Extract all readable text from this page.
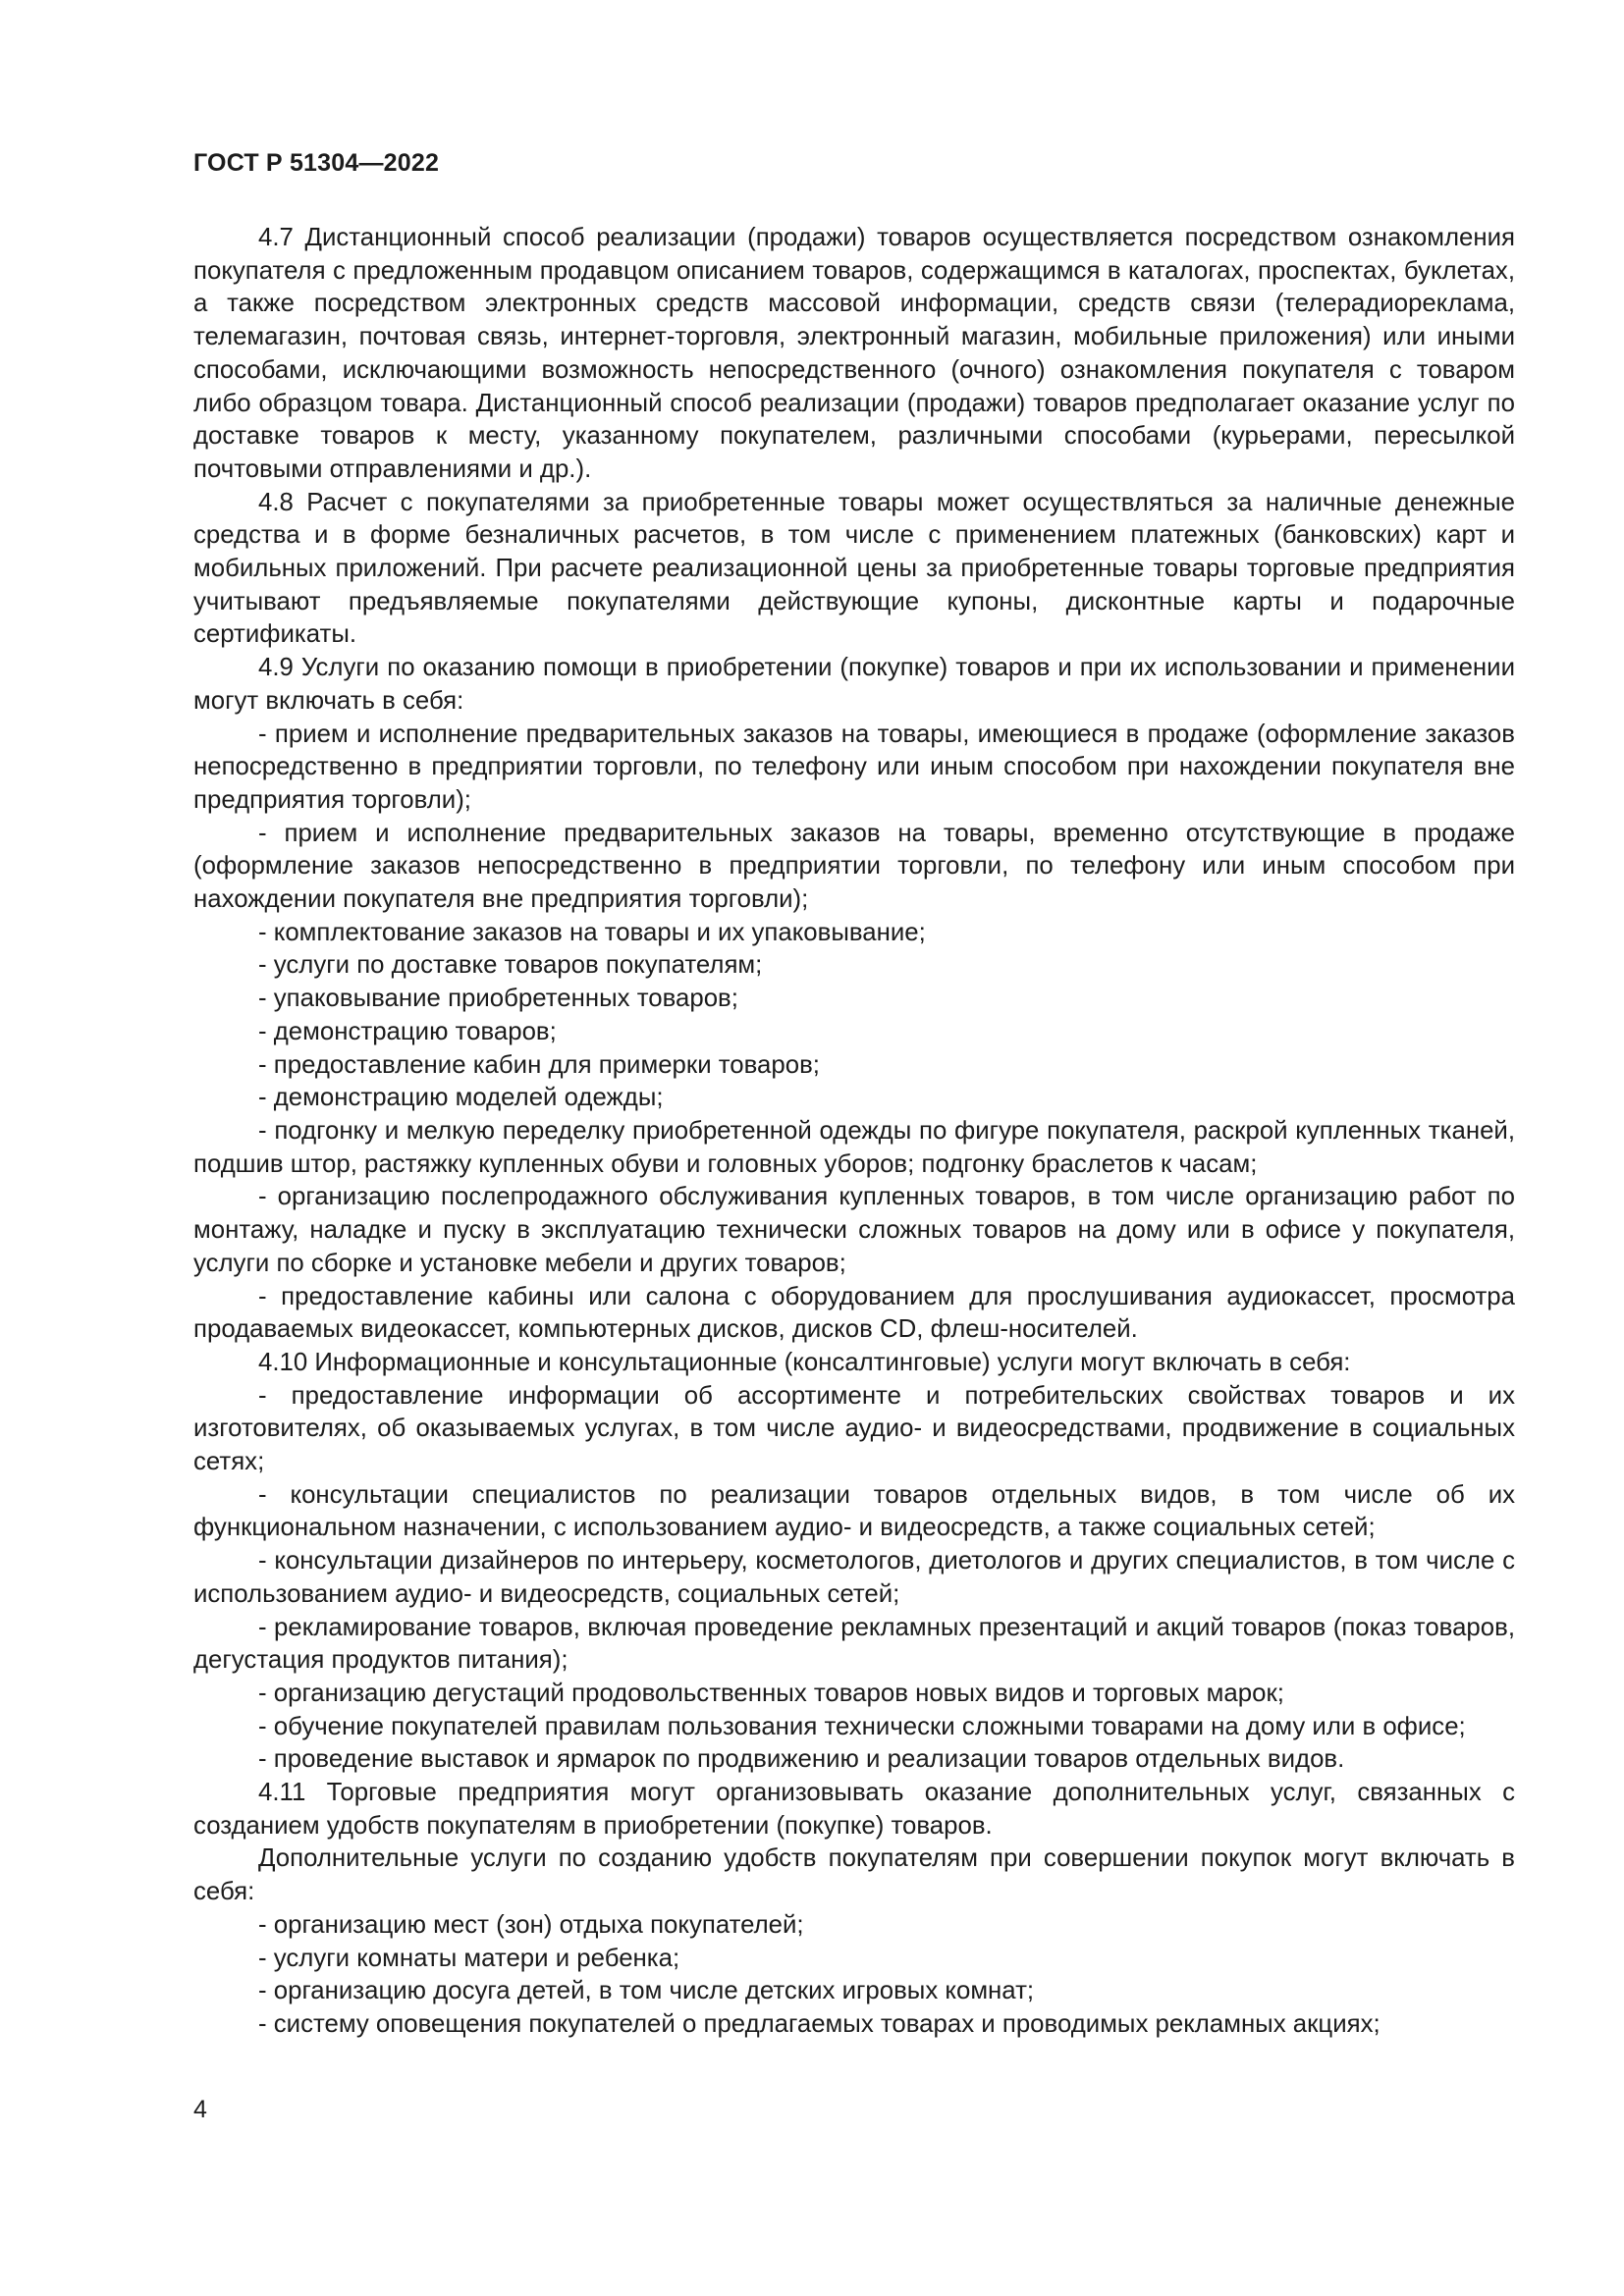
ГОСТ Р 51304—2022

4.7 Дистанционный способ реализации (продажи) товаров осуществляется посредством ознакомления покупателя с предложенным продавцом описанием товаров, содержащимся в каталогах, проспектах, буклетах, а также посредством электронных средств массовой информации, средств связи (телерадиореклама, телемагазин, почтовая связь, интернет-торговля, электронный магазин, мобильные приложения) или иными способами, исключающими возможность непосредственного (очного) ознакомления покупателя с товаром либо образцом товара. Дистанционный способ реализации (продажи) товаров предполагает оказание услуг по доставке товаров к месту, указанному покупателем, различными способами (курьерами, пересылкой почтовыми отправлениями и др.).

4.8 Расчет с покупателями за приобретенные товары может осуществляться за наличные денежные средства и в форме безналичных расчетов, в том числе с применением платежных (банковских) карт и мобильных приложений. При расчете реализационной цены за приобретенные товары торговые предприятия учитывают предъявляемые покупателями действующие купоны, дисконтные карты и подарочные сертификаты.

4.9 Услуги по оказанию помощи в приобретении (покупке) товаров и при их использовании и применении могут включать в себя:

- прием и исполнение предварительных заказов на товары, имеющиеся в продаже (оформление заказов непосредственно в предприятии торговли, по телефону или иным способом при нахождении покупателя вне предприятия торговли);

- прием и исполнение предварительных заказов на товары, временно отсутствующие в продаже (оформление заказов непосредственно в предприятии торговли, по телефону или иным способом при нахождении покупателя вне предприятия торговли);

- комплектование заказов на товары и их упаковывание;

- услуги по доставке товаров покупателям;

- упаковывание приобретенных товаров;

- демонстрацию товаров;

- предоставление кабин для примерки товаров;

- демонстрацию моделей одежды;

- подгонку и мелкую переделку приобретенной одежды по фигуре покупателя, раскрой купленных тканей, подшив штор, растяжку купленных обуви и головных уборов; подгонку браслетов к часам;

- организацию послепродажного обслуживания купленных товаров, в том числе организацию работ по монтажу, наладке и пуску в эксплуатацию технически сложных товаров на дому или в офисе у покупателя, услуги по сборке и установке мебели и других товаров;

- предоставление кабины или салона с оборудованием для прослушивания аудиокассет, просмотра продаваемых видеокассет, компьютерных дисков, дисков CD, флеш-носителей.

4.10 Информационные и консультационные (консалтинговые) услуги могут включать в себя:

- предоставление информации об ассортименте и потребительских свойствах товаров и их изготовителях, об оказываемых услугах, в том числе аудио- и видеосредствами, продвижение в социальных сетях;

- консультации специалистов по реализации товаров отдельных видов, в том числе об их функциональном назначении, с использованием аудио- и видеосредств, а также социальных сетей;

- консультации дизайнеров по интерьеру, косметологов, диетологов и других специалистов, в том числе с использованием аудио- и видеосредств, социальных сетей;

- рекламирование товаров, включая проведение рекламных презентаций и акций товаров (показ товаров, дегустация продуктов питания);

- организацию дегустаций продовольственных товаров новых видов и торговых марок;

- обучение покупателей правилам пользования технически сложными товарами на дому или в офисе;

- проведение выставок и ярмарок по продвижению и реализации товаров отдельных видов.

4.11 Торговые предприятия могут организовывать оказание дополнительных услуг, связанных с созданием удобств покупателям в приобретении (покупке) товаров.

Дополнительные услуги по созданию удобств покупателям при совершении покупок могут включать в себя:

- организацию мест (зон) отдыха покупателей;

- услуги комнаты матери и ребенка;

- организацию досуга детей, в том числе детских игровых комнат;

- систему оповещения покупателей о предлагаемых товарах и проводимых рекламных акциях;

4
